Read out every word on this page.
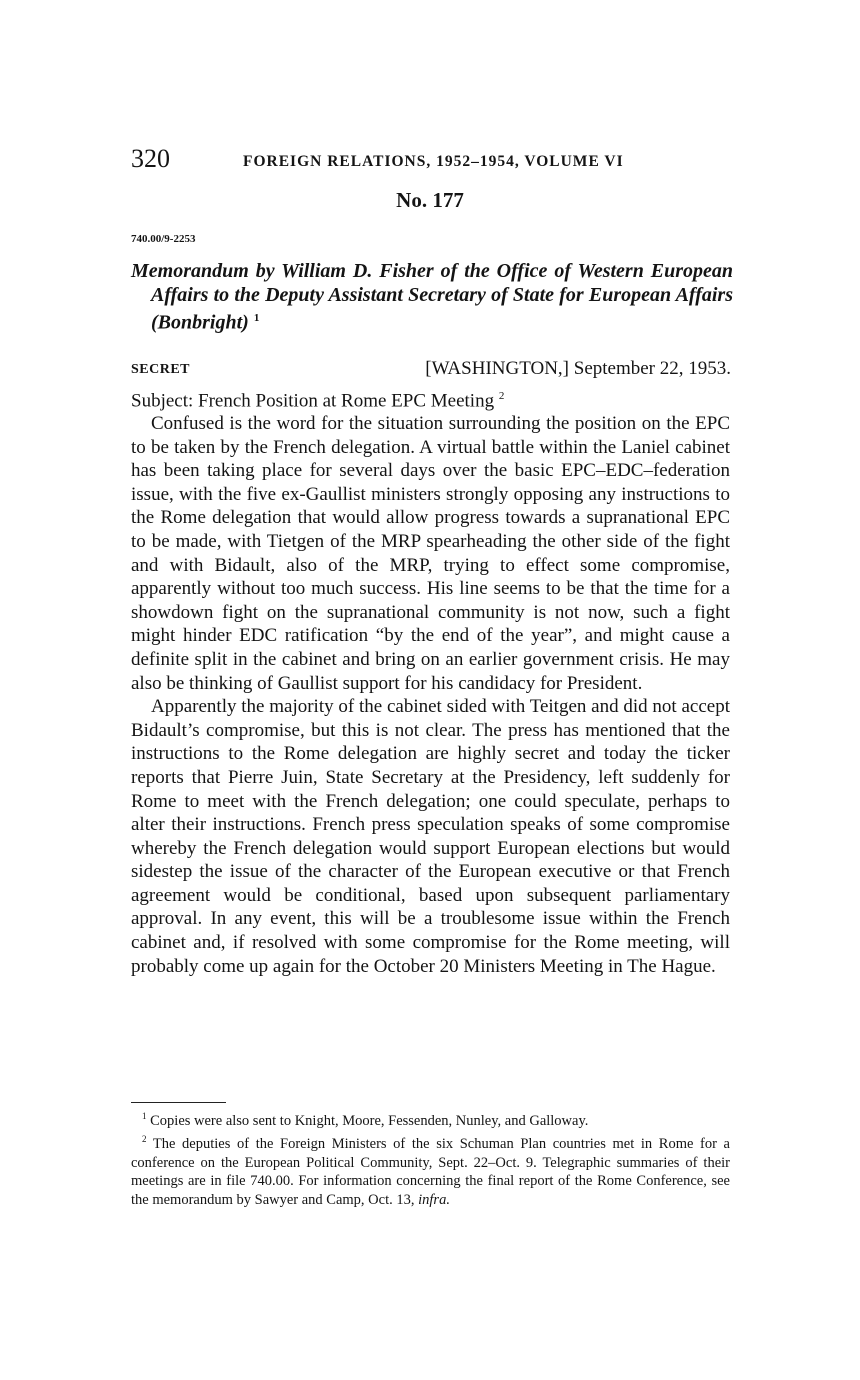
320	FOREIGN RELATIONS, 1952–1954, VOLUME VI
No. 177
740.00/9-2253
Memorandum by William D. Fisher of the Office of Western European Affairs to the Deputy Assistant Secretary of State for European Affairs (Bonbright) $^1$
SECRET	[WASHINGTON,] September 22, 1953.
Subject: French Position at Rome EPC Meeting $^2$

Confused is the word for the situation surrounding the position on the EPC to be taken by the French delegation. A virtual battle within the Laniel cabinet has been taking place for several days over the basic EPC–EDC–federation issue, with the five ex-Gaullist ministers strongly opposing any instructions to the Rome delegation that would allow progress towards a supranational EPC to be made, with Tietgen of the MRP spearheading the other side of the fight and with Bidault, also of the MRP, trying to effect some compromise, apparently without too much success. His line seems to be that the time for a showdown fight on the supranational community is not now, such a fight might hinder EDC ratification “by the end of the year”, and might cause a definite split in the cabinet and bring on an earlier government crisis. He may also be thinking of Gaullist support for his candidacy for President.

Apparently the majority of the cabinet sided with Teitgen and did not accept Bidault’s compromise, but this is not clear. The press has mentioned that the instructions to the Rome delegation are highly secret and today the ticker reports that Pierre Juin, State Secretary at the Presidency, left suddenly for Rome to meet with the French delegation; one could speculate, perhaps to alter their instructions. French press speculation speaks of some compromise whereby the French delegation would support European elections but would sidestep the issue of the character of the European executive or that French agreement would be conditional, based upon subsequent parliamentary approval. In any event, this will be a troublesome issue within the French cabinet and, if resolved with some compromise for the Rome meeting, will probably come up again for the October 20 Ministers Meeting in The Hague.

$^1$ Copies were also sent to Knight, Moore, Fessenden, Nunley, and Galloway.

$^2$ The deputies of the Foreign Ministers of the six Schuman Plan countries met in Rome for a conference on the European Political Community, Sept. 22–Oct. 9. Telegraphic summaries of their meetings are in file 740.00. For information concerning the final report of the Rome Conference, see the memorandum by Sawyer and Camp, Oct. 13, infra.
